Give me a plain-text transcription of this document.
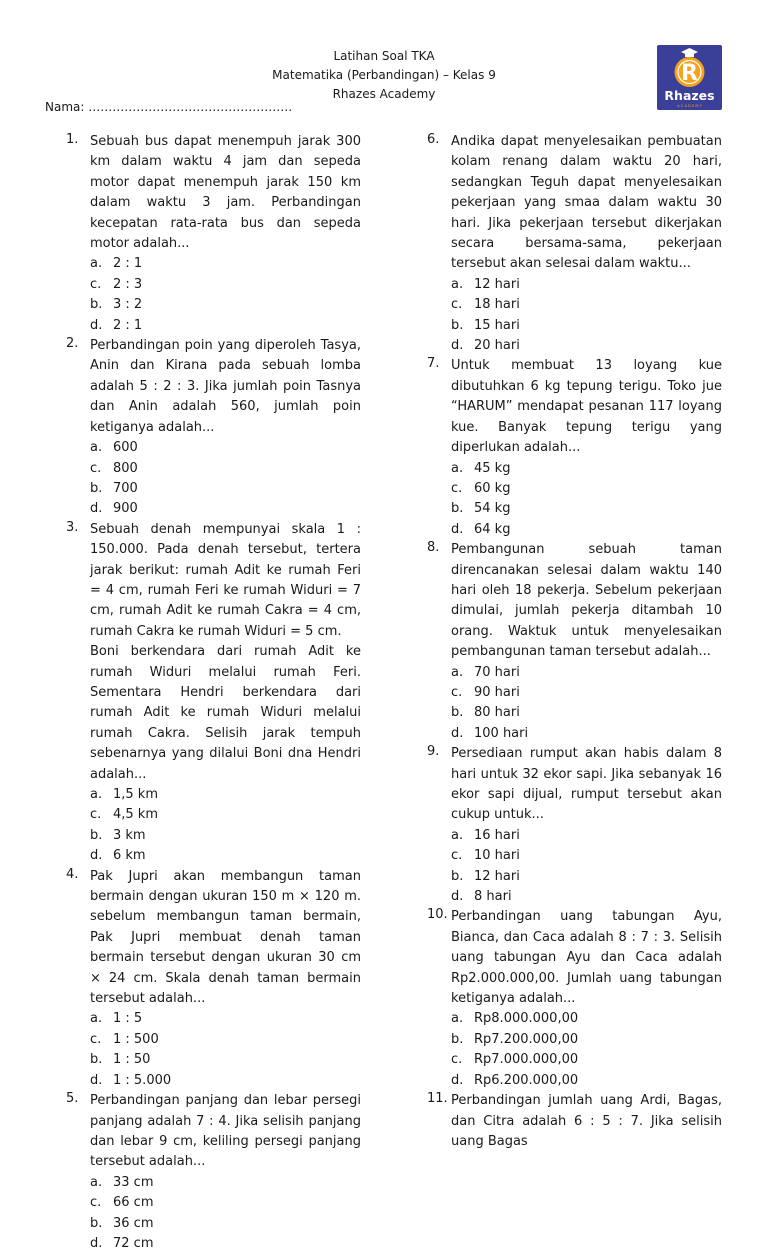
Latihan Soal TKA
Matematika (Perbandingan) – Kelas 9
Rhazes Academy
R
Rhazes
A C A D E M Y
Nama: ……………………………………………
1. Sebuah bus dapat menempuh jarak 300 km dalam waktu 4 jam dan sepeda motor dapat menempuh jarak 150 km dalam waktu 3 jam. Perbandingan kecepatan rata-rata bus dan sepeda motor adalah...

a. 2 : 1
c. 2 : 3
b. 3 : 2
d. 2 : 1
2. Perbandingan poin yang diperoleh Tasya, Anin dan Kirana pada sebuah lomba adalah 5 : 2 : 3. Jika jumlah poin Tasnya dan Anin adalah 560, jumlah poin ketiganya adalah...

a. 600
c. 800
b. 700
d. 900
3. Sebuah denah mempunyai skala 1 : 150.000. Pada denah tersebut, tertera jarak berikut: rumah Adit ke rumah Feri = 4 cm, rumah Feri ke rumah Widuri = 7 cm, rumah Adit ke rumah Cakra = 4 cm, rumah Cakra ke rumah Widuri = 5 cm.

Boni berkendara dari rumah Adit ke rumah Widuri melalui rumah Feri. Sementara Hendri berkendara dari rumah Adit ke rumah Widuri melalui rumah Cakra. Selisih jarak tempuh sebenarnya yang dilalui Boni dna Hendri adalah...

a. 1,5 km
c. 4,5 km
b. 3 km
d. 6 km
4. Pak Jupri akan membangun taman bermain dengan ukuran 150 m × 120 m. sebelum membangun taman bermain, Pak Jupri membuat denah taman bermain tersebut dengan ukuran 30 cm × 24 cm. Skala denah taman bermain tersebut adalah...

a. 1 : 5
c. 1 : 500
b. 1 : 50
d. 1 : 5.000
5. Perbandingan panjang dan lebar persegi panjang adalah 7 : 4. Jika selisih panjang dan lebar 9 cm, keliling persegi panjang tersebut adalah...

a. 33 cm
c. 66 cm
b. 36 cm
d. 72 cm
6. Andika dapat menyelesaikan pembuatan kolam renang dalam waktu 20 hari, sedangkan Teguh dapat menyelesaikan pekerjaan yang smaa dalam waktu 30 hari. Jika pekerjaan tersebut dikerjakan secara bersama-sama, pekerjaan tersebut akan selesai dalam waktu...

a. 12 hari
c. 18 hari
b. 15 hari
d. 20 hari
7. Untuk membuat 13 loyang kue dibutuhkan 6 kg tepung terigu. Toko jue “HARUM” mendapat pesanan 117 loyang kue. Banyak tepung terigu yang diperlukan adalah...

a. 45 kg
c. 60 kg
b. 54 kg
d. 64 kg
8. Pembangunan sebuah taman direncanakan selesai dalam waktu 140 hari oleh 18 pekerja. Sebelum pekerjaan dimulai, jumlah pekerja ditambah 10 orang. Waktuk untuk menyelesaikan pembangunan taman tersebut adalah...

a. 70 hari
c. 90 hari
b. 80 hari
d. 100 hari
9. Persediaan rumput akan habis dalam 8 hari untuk 32 ekor sapi. Jika sebanyak 16 ekor sapi dijual, rumput tersebut akan cukup untuk...

a. 16 hari
c. 10 hari
b. 12 hari
d. 8 hari
10. Perbandingan uang tabungan Ayu, Bianca, dan Caca adalah 8 : 7 : 3. Selisih uang tabungan Ayu dan Caca adalah Rp2.000.000,00. Jumlah uang tabungan ketiganya adalah...

a. Rp8.000.000,00
b. Rp7.200.000,00
c. Rp7.000.000,00
d. Rp6.200.000,00
11. Perbandingan jumlah uang Ardi, Bagas, dan Citra adalah 6 : 5 : 7. Jika selisih uang Bagas
